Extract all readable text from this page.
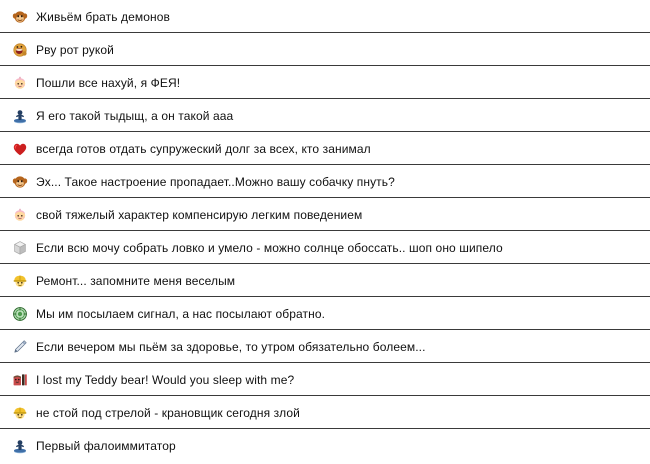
Живьём брать демонов
Рву рот рукой
Пошли все нахуй, я ФЕЯ!
Я его такой тыдыщ, а он такой ааа
всегда готов отдать супружеский долг за всех, кто занимал
Эх... Такое настроение пропадает..Можно вашу собачку пнуть?
свой тяжелый характер компенсирую легким поведением
Если всю мочу собрать ловко и умело - можно солнце обоссать.. шоп оно шипело
Ремонт... запомните меня веселым
Мы им посылаем сигнал, а нас посылают обратно.
Если вечером мы пьём за здоровье, то утром обязательно болеем...
I lost my Teddy bear! Would you sleep with me?
не стой под стрелой - крановщик сегодня злой
Первый фалоиммитатор
